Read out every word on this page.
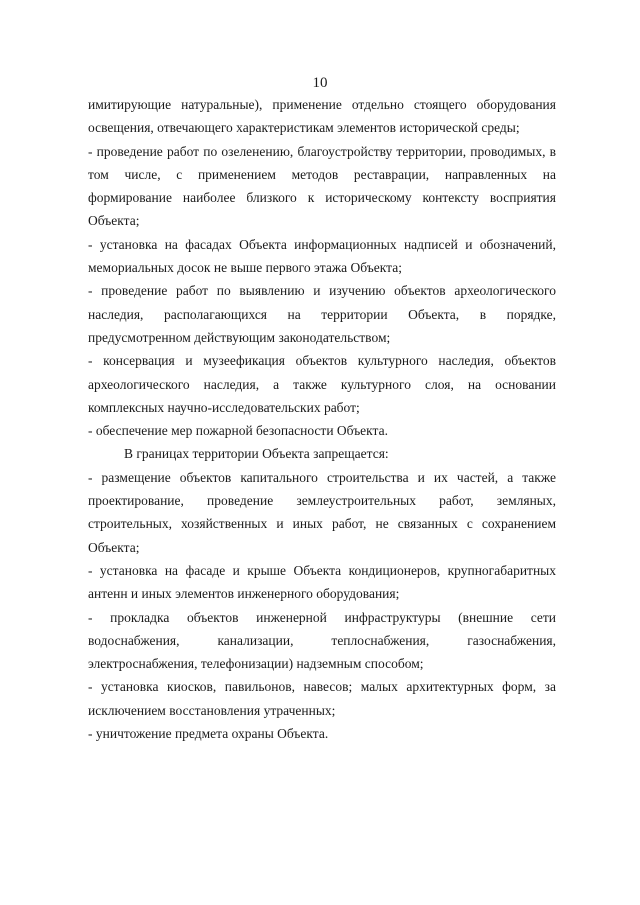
10

имитирующие натуральные), применение отдельно стоящего оборудования освещения, отвечающего характеристикам элементов исторической среды;

- проведение работ по озеленению, благоустройству территории, проводимых, в том числе, с применением методов реставрации, направленных на формирование наиболее близкого к историческому контексту восприятия Объекта;

- установка на фасадах Объекта информационных надписей и обозначений, мемориальных досок не выше первого этажа Объекта;

- проведение работ по выявлению и изучению объектов археологического наследия, располагающихся на территории Объекта, в порядке, предусмотренном действующим законодательством;

- консервация и музеефикация объектов культурного наследия, объектов археологического наследия, а также культурного слоя, на основании комплексных научно-исследовательских работ;

- обеспечение мер пожарной безопасности Объекта.

В границах территории Объекта запрещается:

- размещение объектов капитального строительства и их частей, а также проектирование, проведение землеустроительных работ, земляных, строительных, хозяйственных и иных работ, не связанных с сохранением Объекта;

- установка на фасаде и крыше Объекта кондиционеров, крупногабаритных антенн и иных элементов инженерного оборудования;

- прокладка объектов инженерной инфраструктуры (внешние сети водоснабжения, канализации, теплоснабжения, газоснабжения, электроснабжения, телефонизации) надземным способом;

- установка киосков, павильонов, навесов; малых архитектурных форм, за исключением восстановления утраченных;

- уничтожение предмета охраны Объекта.
